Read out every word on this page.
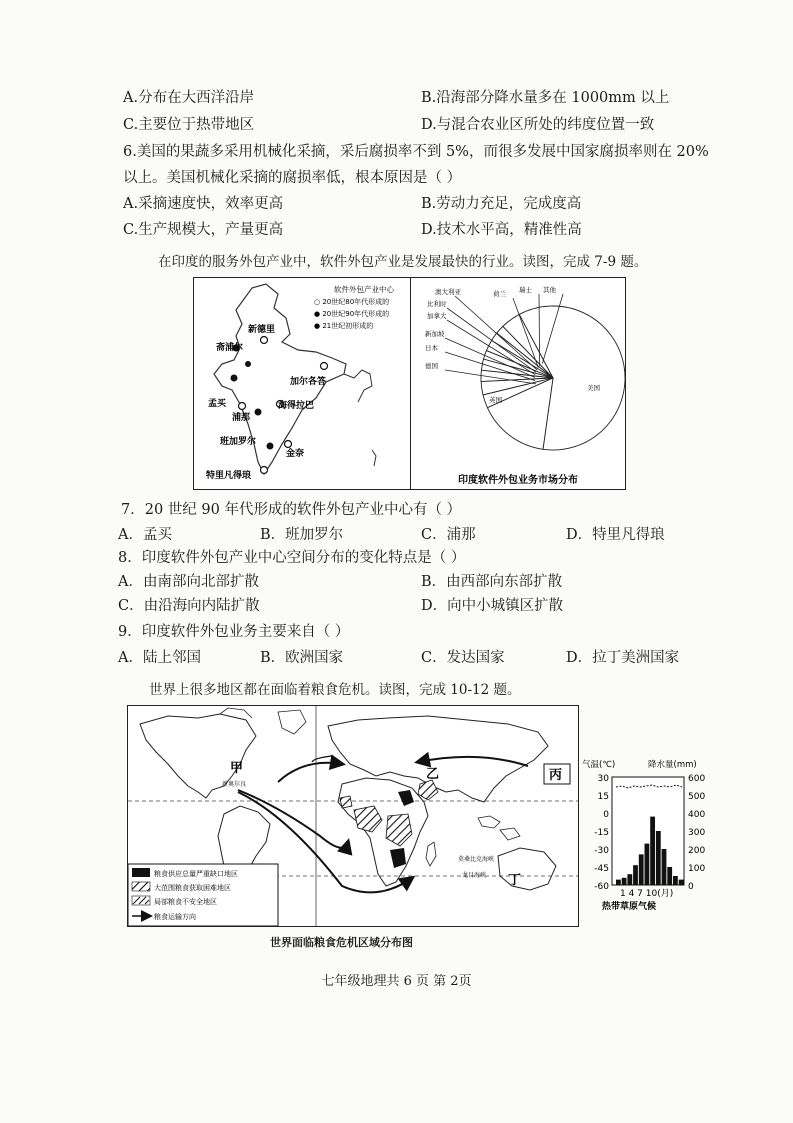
A.分布在大西洋沿岸	B.沿海部分降水量多在 1000mm 以上
C.主要位于热带地区	D.与混合农业区所处的纬度位置一致
6.美国的果蔬多采用机械化采摘，采后腐损率不到 5%，而很多发展中国家腐损率则在 20%
以上。美国机械化采摘的腐损率低，根本原因是（ ）
A.采摘速度快，效率更高	B.劳动力充足，完成度高
C.生产规模大，产量更高	D.技术水平高，精准性高
在印度的服务外包产业中，软件外包产业是发展最快的行业。读图，完成 7-9 题。
软件外包产业中心
○ 20世纪80年代形成的
● 20世纪90年代形成的
● 21世纪初形成的
新德里
斋浦尔
加尔各答
孟买
浦那
海得拉巴
班加罗尔
金奈
特里凡得琅
美国
其他
瑞士
荷兰
澳大利亚
比利时
加拿大
新加坡
日本
德国
英国
印度软件外包业务市场分布
7．20 世纪 90 年代形成的软件外包产业中心有（ ）
A．孟买	B．班加罗尔	C．浦那	D．特里凡得琅
8．印度软件外包产业中心空间分布的变化特点是（ ）
A．由南部向北部扩散	B．由西部向东部扩散
C．由沿海向内陆扩散	D．向中小城镇区扩散
9．印度软件外包业务主要来自（ ）
A．陆上邻国	B．欧洲国家	C．发达国家	D．拉丁美洲国家
世界上很多地区都在面临着粮食危机。读图，完成 10-12 题。
甲
新奥尔良
乙	丙
莫桑比克海峡
龙目海峡 丁
粮食供应总量严重缺口地区
大范围粮食获取困难地区
局部粮食不安全地区
粮食运输方向
气温(℃)	降水量(mm)
30	600
15	500
0	400
-15	300
-30	200
-45	100
-60	0
1 4 7 10(月)
热带草原气候
世界面临粮食危机区域分布图
七年级地理共 6 页 第 2页
